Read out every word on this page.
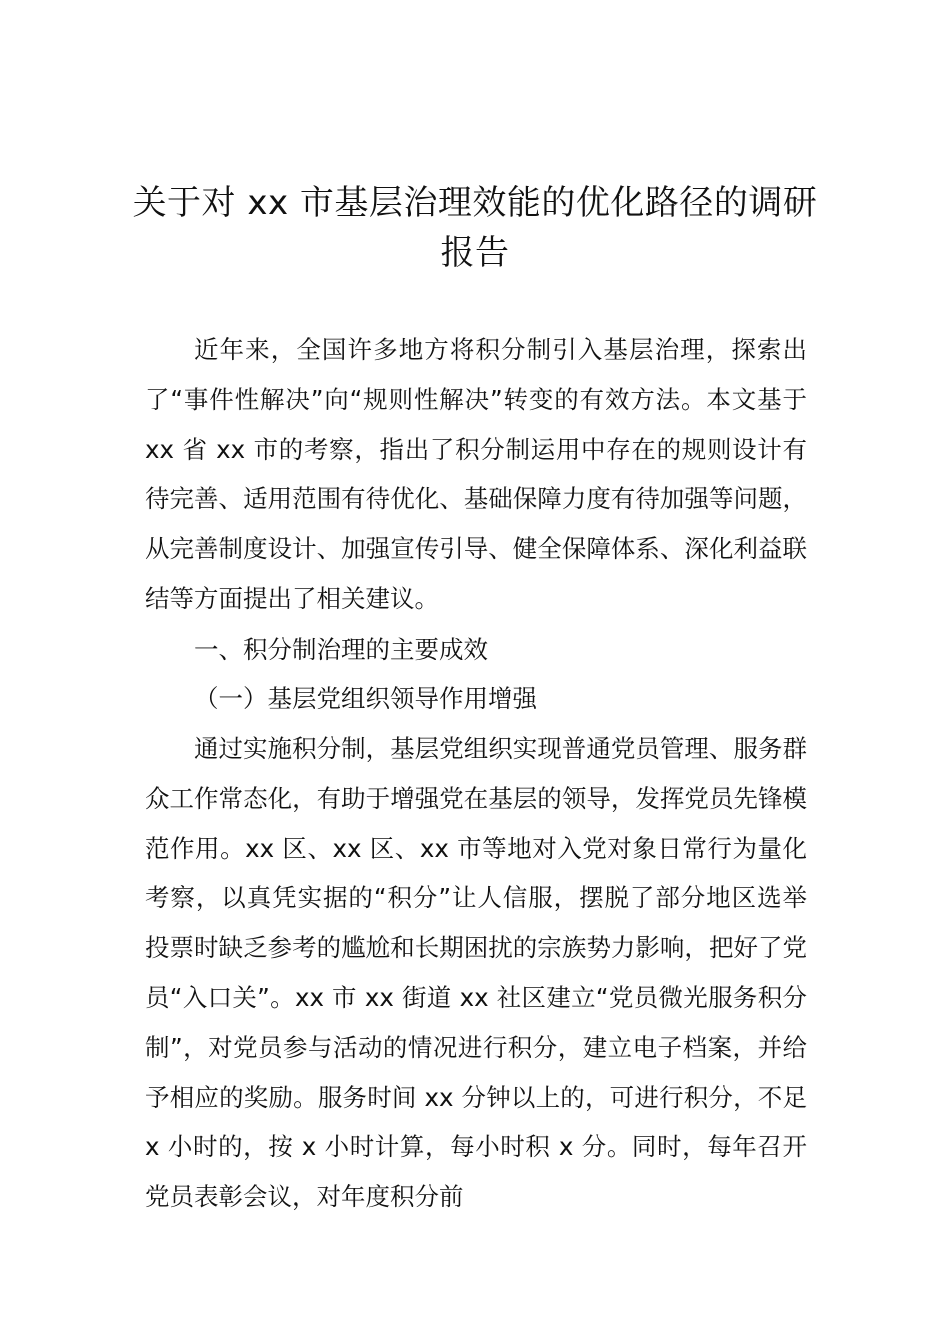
关于对 xx 市基层治理效能的优化路径的调研报告

近年来，全国许多地方将积分制引入基层治理，探索出了“事件性解决”向“规则性解决”转变的有效方法。本文基于 xx 省 xx 市的考察，指出了积分制运用中存在的规则设计有待完善、适用范围有待优化、基础保障力度有待加强等问题，从完善制度设计、加强宣传引导、健全保障体系、深化利益联结等方面提出了相关建议。

一、积分制治理的主要成效

（一）基层党组织领导作用增强

通过实施积分制，基层党组织实现普通党员管理、服务群众工作常态化，有助于增强党在基层的领导，发挥党员先锋模范作用。xx 区、xx 区、xx 市等地对入党对象日常行为量化考察，以真凭实据的“积分”让人信服，摆脱了部分地区选举投票时缺乏参考的尴尬和长期困扰的宗族势力影响，把好了党员“入口关”。xx 市 xx 街道 xx 社区建立“党员微光服务积分制”，对党员参与活动的情况进行积分，建立电子档案，并给予相应的奖励。服务时间 xx 分钟以上的，可进行积分，不足 x 小时的，按 x 小时计算，每小时积 x 分。同时，每年召开党员表彰会议，对年度积分前
